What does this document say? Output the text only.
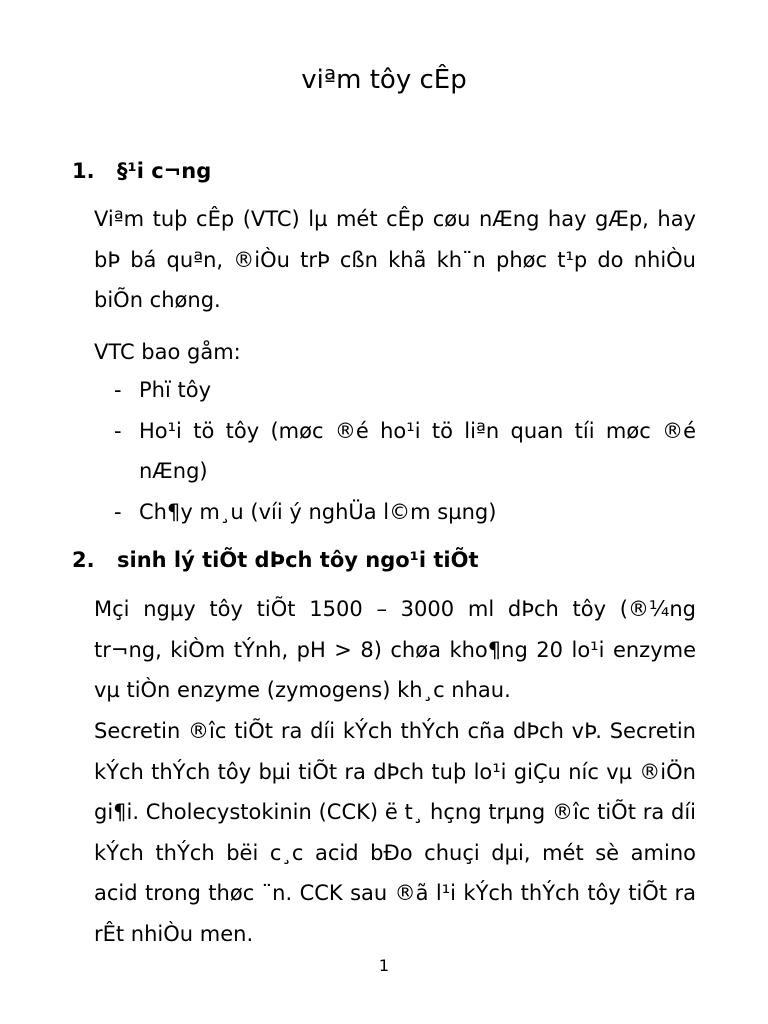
viªm tôy cÊp
1. §¹i c¬ng
Viªm tuþ cÊp (VTC) lµ mét cÊp cøu nÆng hay gÆp, hay bÞ bá quªn, ®iÒu trÞ cßn khã kh¨n phøc t¹p do nhiÒu biÕn chøng.
VTC bao gåm:
- Phï tôy
- Ho¹i tö tôy (møc ®é ho¹i tö liªn quan tíi møc ®é nÆng)
- Ch¶y m¸u (víi ý nghÜa l©m sµng)
2. sinh lý tiÕt dÞch tôy ngo¹i tiÕt
Mçi ngµy tôy tiÕt 1500 – 3000 ml dÞch tôy (®¼ng tr¬ng, kiÒm tÝnh, pH > 8) chøa kho¶ng 20 lo¹i enzyme vµ tiÒn enzyme (zymogens) kh¸c nhau.
Secretin ®îc tiÕt ra díi kÝch thÝch cña dÞch vÞ. Secretin kÝch thÝch tôy bµi tiÕt ra dÞch tuþ lo¹i giÇu níc vµ ®iÖn gi¶i. Cholecystokinin (CCK) ë t¸ hçng trµng ®îc tiÕt ra díi kÝch thÝch bëi c¸c acid bÐo chuçi dµi, mét sè amino acid trong thøc ¨n. CCK sau ®ã l¹i kÝch thÝch tôy tiÕt ra rÊt nhiÒu men.
1
